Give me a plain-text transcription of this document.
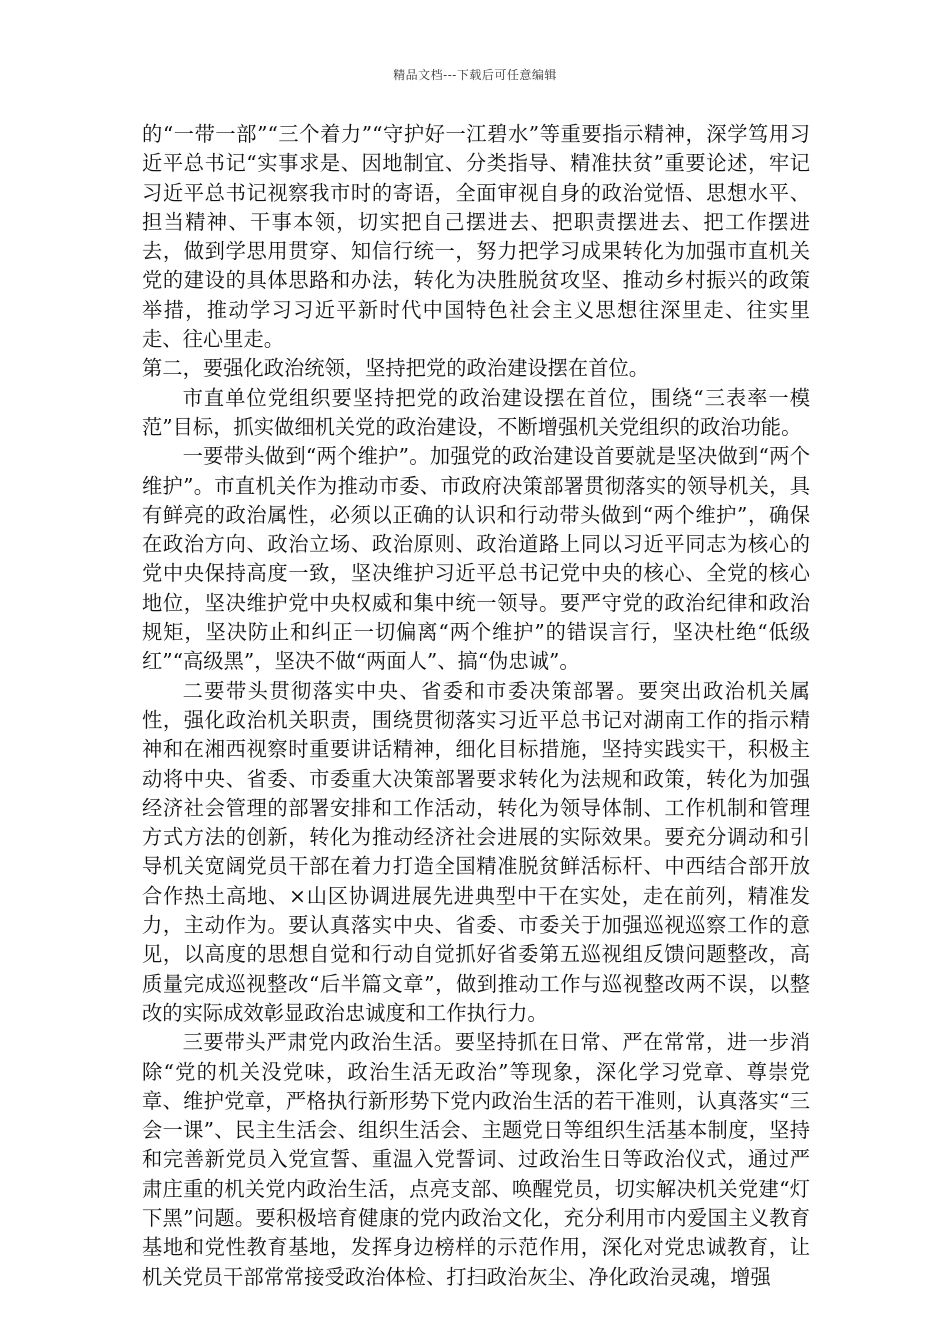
精品文档---下载后可任意编辑

的“一带一部”“三个着力”“守护好一江碧水”等重要指示精神，深学笃用习近平总书记“实事求是、因地制宜、分类指导、精准扶贫”重要论述，牢记习近平总书记视察我市时的寄语，全面审视自身的政治觉悟、思想水平、担当精神、干事本领，切实把自己摆进去、把职责摆进去、把工作摆进去，做到学思用贯穿、知信行统一，努力把学习成果转化为加强市直机关党的建设的具体思路和办法，转化为决胜脱贫攻坚、推动乡村振兴的政策举措，推动学习习近平新时代中国特色社会主义思想往深里走、往实里走、往心里走。

第二，要强化政治统领，坚持把党的政治建设摆在首位。

市直单位党组织要坚持把党的政治建设摆在首位，围绕“三表率一模范”目标，抓实做细机关党的政治建设，不断增强机关党组织的政治功能。

一要带头做到“两个维护”。加强党的政治建设首要就是坚决做到“两个维护”。市直机关作为推动市委、市政府决策部署贯彻落实的领导机关，具有鲜亮的政治属性，必须以正确的认识和行动带头做到“两个维护”，确保在政治方向、政治立场、政治原则、政治道路上同以习近平同志为核心的党中央保持高度一致，坚决维护习近平总书记党中央的核心、全党的核心地位，坚决维护党中央权威和集中统一领导。要严守党的政治纪律和政治规矩，坚决防止和纠正一切偏离“两个维护”的错误言行，坚决杜绝“低级红”“高级黑”，坚决不做“两面人”、搞“伪忠诚”。

二要带头贯彻落实中央、省委和市委决策部署。要突出政治机关属性，强化政治机关职责，围绕贯彻落实习近平总书记对湖南工作的指示精神和在湘西视察时重要讲话精神，细化目标措施，坚持实践实干，积极主动将中央、省委、市委重大决策部署要求转化为法规和政策，转化为加强经济社会管理的部署安排和工作活动，转化为领导体制、工作机制和管理方式方法的创新，转化为推动经济社会进展的实际效果。要充分调动和引导机关宽阔党员干部在着力打造全国精准脱贫鲜活标杆、中西结合部开放合作热土高地、×山区协调进展先进典型中干在实处，走在前列，精准发力，主动作为。要认真落实中央、省委、市委关于加强巡视巡察工作的意见，以高度的思想自觉和行动自觉抓好省委第五巡视组反馈问题整改，高质量完成巡视整改“后半篇文章”，做到推动工作与巡视整改两不误，以整改的实际成效彰显政治忠诚度和工作执行力。

三要带头严肃党内政治生活。要坚持抓在日常、严在常常，进一步消除“党的机关没党味，政治生活无政治”等现象，深化学习党章、尊崇党章、维护党章，严格执行新形势下党内政治生活的若干准则，认真落实“三会一课”、民主生活会、组织生活会、主题党日等组织生活基本制度，坚持和完善新党员入党宣誓、重温入党誓词、过政治生日等政治仪式，通过严肃庄重的机关党内政治生活，点亮支部、唤醒党员，切实解决机关党建“灯下黑”问题。要积极培育健康的党内政治文化，充分利用市内爱国主义教育基地和党性教育基地，发挥身边榜样的示范作用，深化对党忠诚教育，让机关党员干部常常接受政治体检、打扫政治灰尘、净化政治灵魂，增强
